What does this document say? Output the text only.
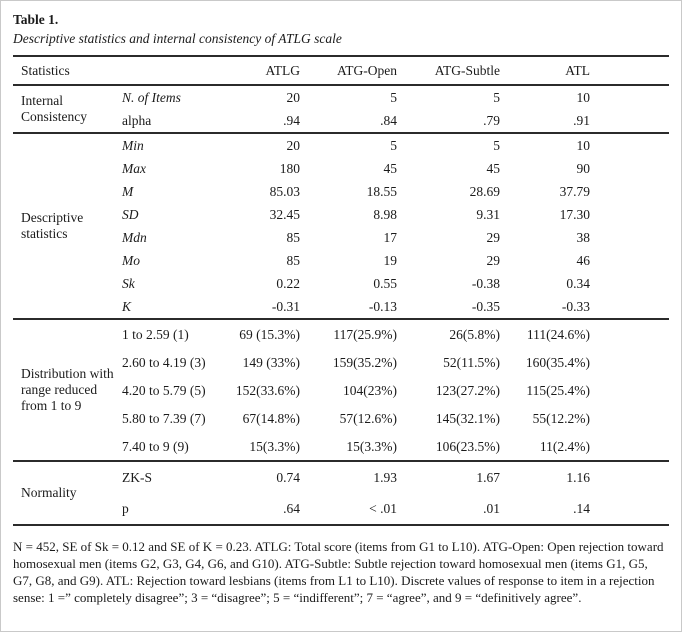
Table 1.
Descriptive statistics and internal consistency of ATLG scale
Statistics		ATLG	ATG-Open	ATG-Subtle	ATL
Internal Consistency	N. of Items	20	5	5	10
	alpha	.94	.84	.79	.91
Descriptive statistics	Min	20	5	5	10
	Max	180	45	45	90
	M	85.03	18.55	28.69	37.79
	SD	32.45	8.98	9.31	17.30
	Mdn	85	17	29	38
	Mo	85	19	29	46
	Sk	0.22	0.55	-0.38	0.34
	K	-0.31	-0.13	-0.35	-0.33
Distribution with range reduced from 1 to 9	1 to 2.59 (1)	69 (15.3%)	117(25.9%)	26(5.8%)	111(24.6%)
	2.60 to 4.19 (3)	149 (33%)	159(35.2%)	52(11.5%)	160(35.4%)
	4.20 to 5.79 (5)	152(33.6%)	104(23%)	123(27.2%)	115(25.4%)
	5.80 to 7.39 (7)	67(14.8%)	57(12.6%)	145(32.1%)	55(12.2%)
	7.40 to 9 (9)	15(3.3%)	15(3.3%)	106(23.5%)	11(2.4%)
Normality	ZK-S	0.74	1.93	1.67	1.16
	p	.64	< .01	.01	.14
N = 452, SE of Sk = 0.12 and SE of K = 0.23. ATLG: Total score (items from G1 to L10). ATG-Open: Open rejection toward homosexual men (items G2, G3, G4, G6, and G10). ATG-Subtle: Subtle rejection toward homosexual men (items G1, G5, G7, G8, and G9). ATL: Rejection toward lesbians (items from L1 to L10). Discrete values of response to item in a rejection sense: 1 =” completely disagree”; 3 = “disagree”; 5 = “indifferent”; 7 = “agree”, and 9 = “definitively agree”.
